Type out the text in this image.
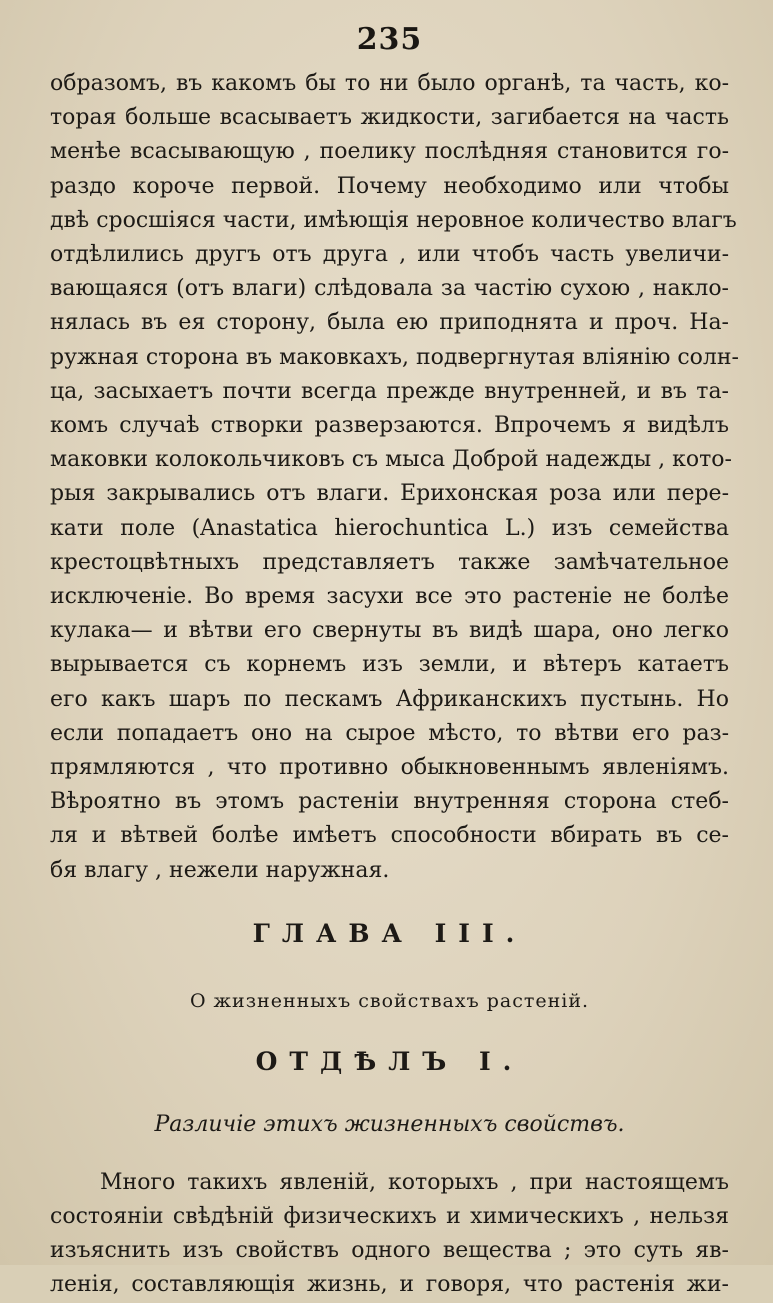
235
образомъ, въ какомъ бы то ни было органѣ, та часть, ко-
торая больше всасываетъ жидкости, загибается на часть
менѣе всасывающую , поелику послѣдняя становится го-
раздо короче первой. Почему необходимо или чтобы
двѣ сросшіяся части, имѣющія неровное количество влагъ
отдѣлились другъ отъ друга , или чтобъ часть увеличи-
вающаяся (отъ влаги) слѣдовала за частію сухою , накло-
нялась въ ея сторону, была ею приподнята и проч. На-
ружная сторона въ маковкахъ, подвергнутая вліянію солн-
ца, засыхаетъ почти всегда прежде внутренней, и въ та-
комъ случаѣ створки разверзаются. Впрочемъ я видѣлъ
маковки колокольчиковъ съ мыса Доброй надежды , кото-
рыя закрывались отъ влаги. Ерихонская роза или пере-
кати поле (Anastatica hierochuntica L.) изъ семейства
крестоцвѣтныхъ представляетъ также замѣчательное
исключеніе. Во время засухи все это растеніе не болѣе
кулака— и вѣтви его свернуты въ видѣ шара, оно легко
вырывается съ корнемъ изъ земли, и вѣтеръ катаетъ
его какъ шаръ по пескамъ Африканскихъ пустынь. Но
если попадаетъ оно на сырое мѣсто, то вѣтви его раз-
прямляются , что противно обыкновеннымъ явленіямъ.
Вѣроятно въ этомъ растеніи внутренняя сторона стеб-
ля и вѣтвей болѣе имѣетъ способности вбирать въ се-
бя влагу , нежели наружная.
ГЛАВА III.
О жизненныхъ свойствахъ растеній.
ОТДѢЛЪ I.
Различіе этихъ жизненныхъ свойствъ.
Много такихъ явленій, которыхъ , при настоящемъ
состояніи свѣдѣній физическихъ и химическихъ , нельзя
изъяснить изъ свойствъ одного вещества ; это суть яв-
ленія, составляющія жизнь, и говоря, что растенія жи-
